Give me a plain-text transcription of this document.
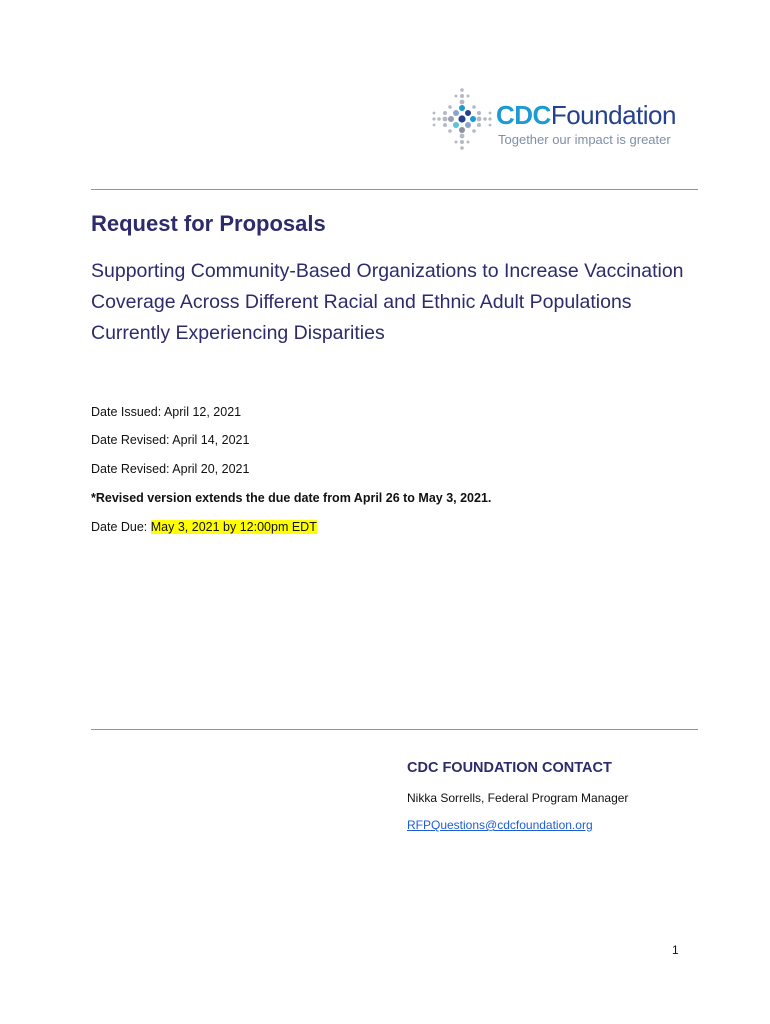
CDCFoundation
Together our impact is greater
Request for Proposals

Supporting Community-Based Organizations to Increase Vaccination Coverage Across Different Racial and Ethnic Adult Populations Currently Experiencing Disparities

Date Issued: April 12, 2021
Date Revised: April 14, 2021
Date Revised: April 20, 2021
*Revised version extends the due date from April 26 to May 3, 2021.
Date Due: May 3, 2021 by 12:00pm EDT
CDC FOUNDATION CONTACT
Nikka Sorrells, Federal Program Manager
RFPQuestions@cdcfoundation.org
1
